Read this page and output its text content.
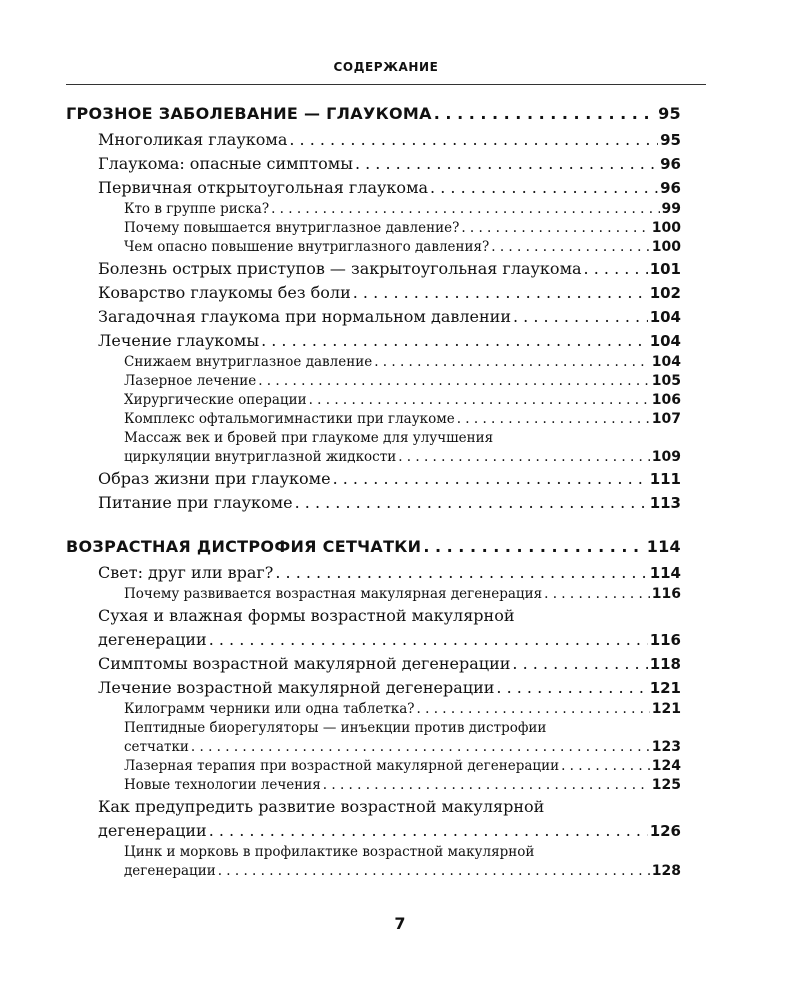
СОДЕРЖАНИЕ
ГРОЗНОЕ ЗАБОЛЕВАНИЕ — ГЛАУКОМА . . .	95
Многоликая глаукома . . .	95
Глаукома: опасные симптомы . . .	96
Первичная открытоугольная глаукома . . .	96
Кто в группе риска? . . .	99
Почему повышается внутриглазное давление? . . .	100
Чем опасно повышение внутриглазного давления? . . .	100
Болезнь острых приступов — закрытоугольная глаукома . . .	101
Коварство глаукомы без боли . . .	102
Загадочная глаукома при нормальном давлении . . .	104
Лечение глаукомы . . .	104
Снижаем внутриглазное давление . . .	104
Лазерное лечение . . .	105
Хирургические операции . . .	106
Комплекс офтальмогимнастики при глаукоме . . .	107
Массаж век и бровей при глаукоме для улучшения
циркуляции внутриглазной жидкости . . .	109
Образ жизни при глаукоме . . .	111
Питание при глаукоме . . .	113
ВОЗРАСТНАЯ ДИСТРОФИЯ СЕТЧАТКИ . . .	114
Свет: друг или враг? . . .	114
Почему развивается возрастная макулярная дегенерация . . .	116
Сухая и влажная формы возрастной макулярной
дегенерации . . .	116
Симптомы возрастной макулярной дегенерации . . .	118
Лечение возрастной макулярной дегенерации . . .	121
Килограмм черники или одна таблетка? . . .	121
Пептидные биорегуляторы — инъекции против дистрофии
сетчатки . . .	123
Лазерная терапия при возрастной макулярной дегенерации . . .	124
Новые технологии лечения . . .	125
Как предупредить развитие возрастной макулярной
дегенерации . . .	126
Цинк и морковь в профилактике возрастной макулярной
дегенерации . . .	128
7
